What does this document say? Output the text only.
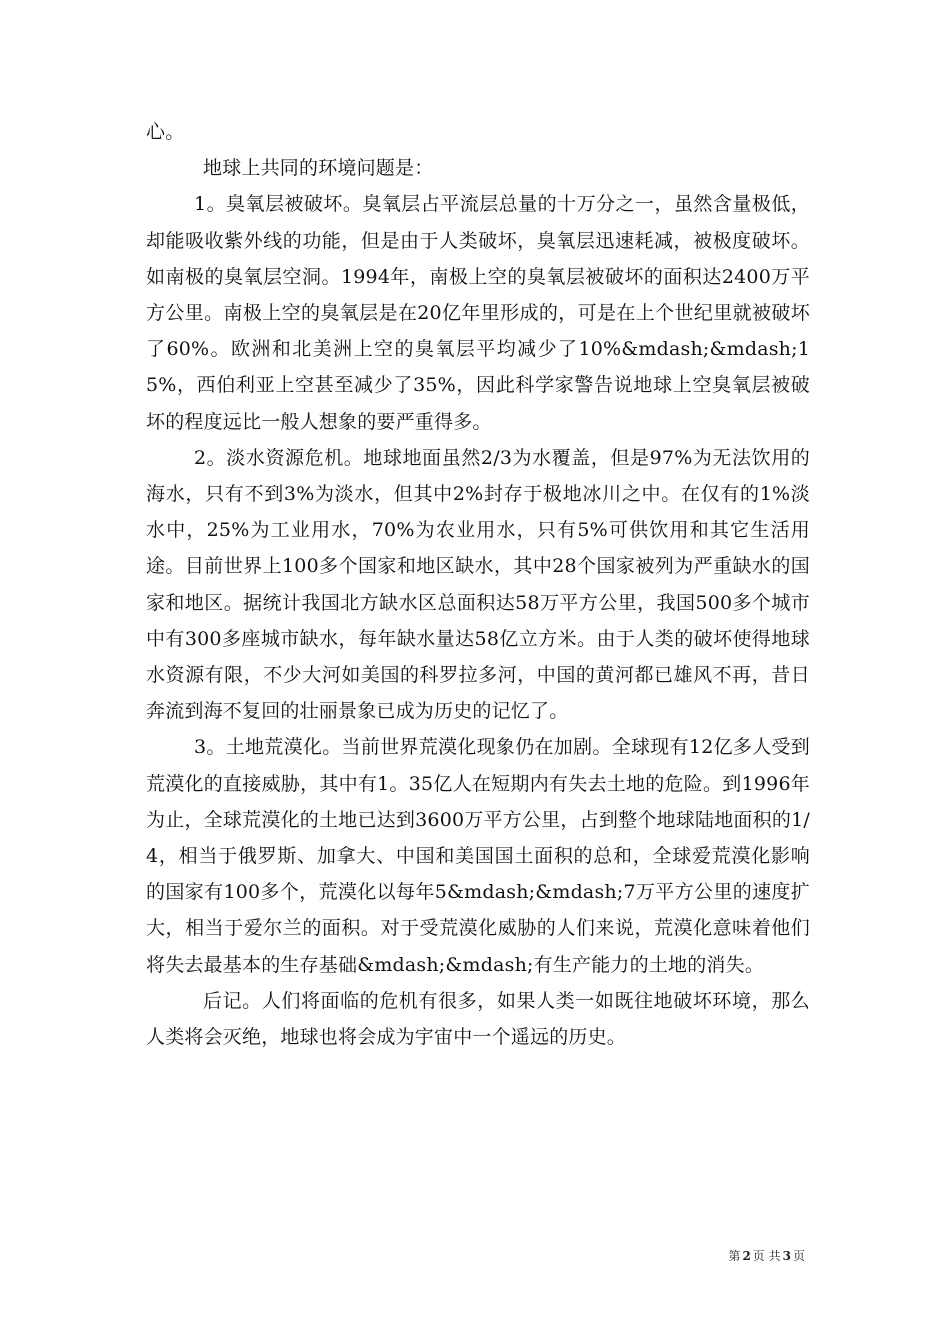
心。

地球上共同的环境问题是：

1。臭氧层被破坏。臭氧层占平流层总量的十万分之一，虽然含量极低，却能吸收紫外线的功能，但是由于人类破坏，臭氧层迅速耗减，被极度破坏。如南极的臭氧层空洞。1994年，南极上空的臭氧层被破坏的面积达2400万平方公里。南极上空的臭氧层是在20亿年里形成的，可是在上个世纪里就被破坏了60%。欧洲和北美洲上空的臭氧层平均减少了10%&mdash;&mdash;15%，西伯利亚上空甚至减少了35%，因此科学家警告说地球上空臭氧层被破坏的程度远比一般人想象的要严重得多。

2。淡水资源危机。地球地面虽然2/3为水覆盖，但是97%为无法饮用的海水，只有不到3%为淡水，但其中2%封存于极地冰川之中。在仅有的1%淡水中，25%为工业用水，70%为农业用水，只有5%可供饮用和其它生活用途。目前世界上100多个国家和地区缺水，其中28个国家被列为严重缺水的国家和地区。据统计我国北方缺水区总面积达58万平方公里，我国500多个城市中有300多座城市缺水，每年缺水量达58亿立方米。由于人类的破坏使得地球水资源有限，不少大河如美国的科罗拉多河，中国的黄河都已雄风不再，昔日奔流到海不复回的壮丽景象已成为历史的记忆了。

3。土地荒漠化。当前世界荒漠化现象仍在加剧。全球现有12亿多人受到荒漠化的直接威胁，其中有1。35亿人在短期内有失去土地的危险。到1996年为止，全球荒漠化的土地已达到3600万平方公里，占到整个地球陆地面积的1/4，相当于俄罗斯、加拿大、中国和美国国土面积的总和，全球爱荒漠化影响的国家有100多个，荒漠化以每年5&mdash;&mdash;7万平方公里的速度扩大，相当于爱尔兰的面积。对于受荒漠化威胁的人们来说，荒漠化意味着他们将失去最基本的生存基础&mdash;&mdash;有生产能力的土地的消失。

后记。人们将面临的危机有很多，如果人类一如既往地破坏环境，那么人类将会灭绝，地球也将会成为宇宙中一个遥远的历史。

第 2 页 共 3 页
